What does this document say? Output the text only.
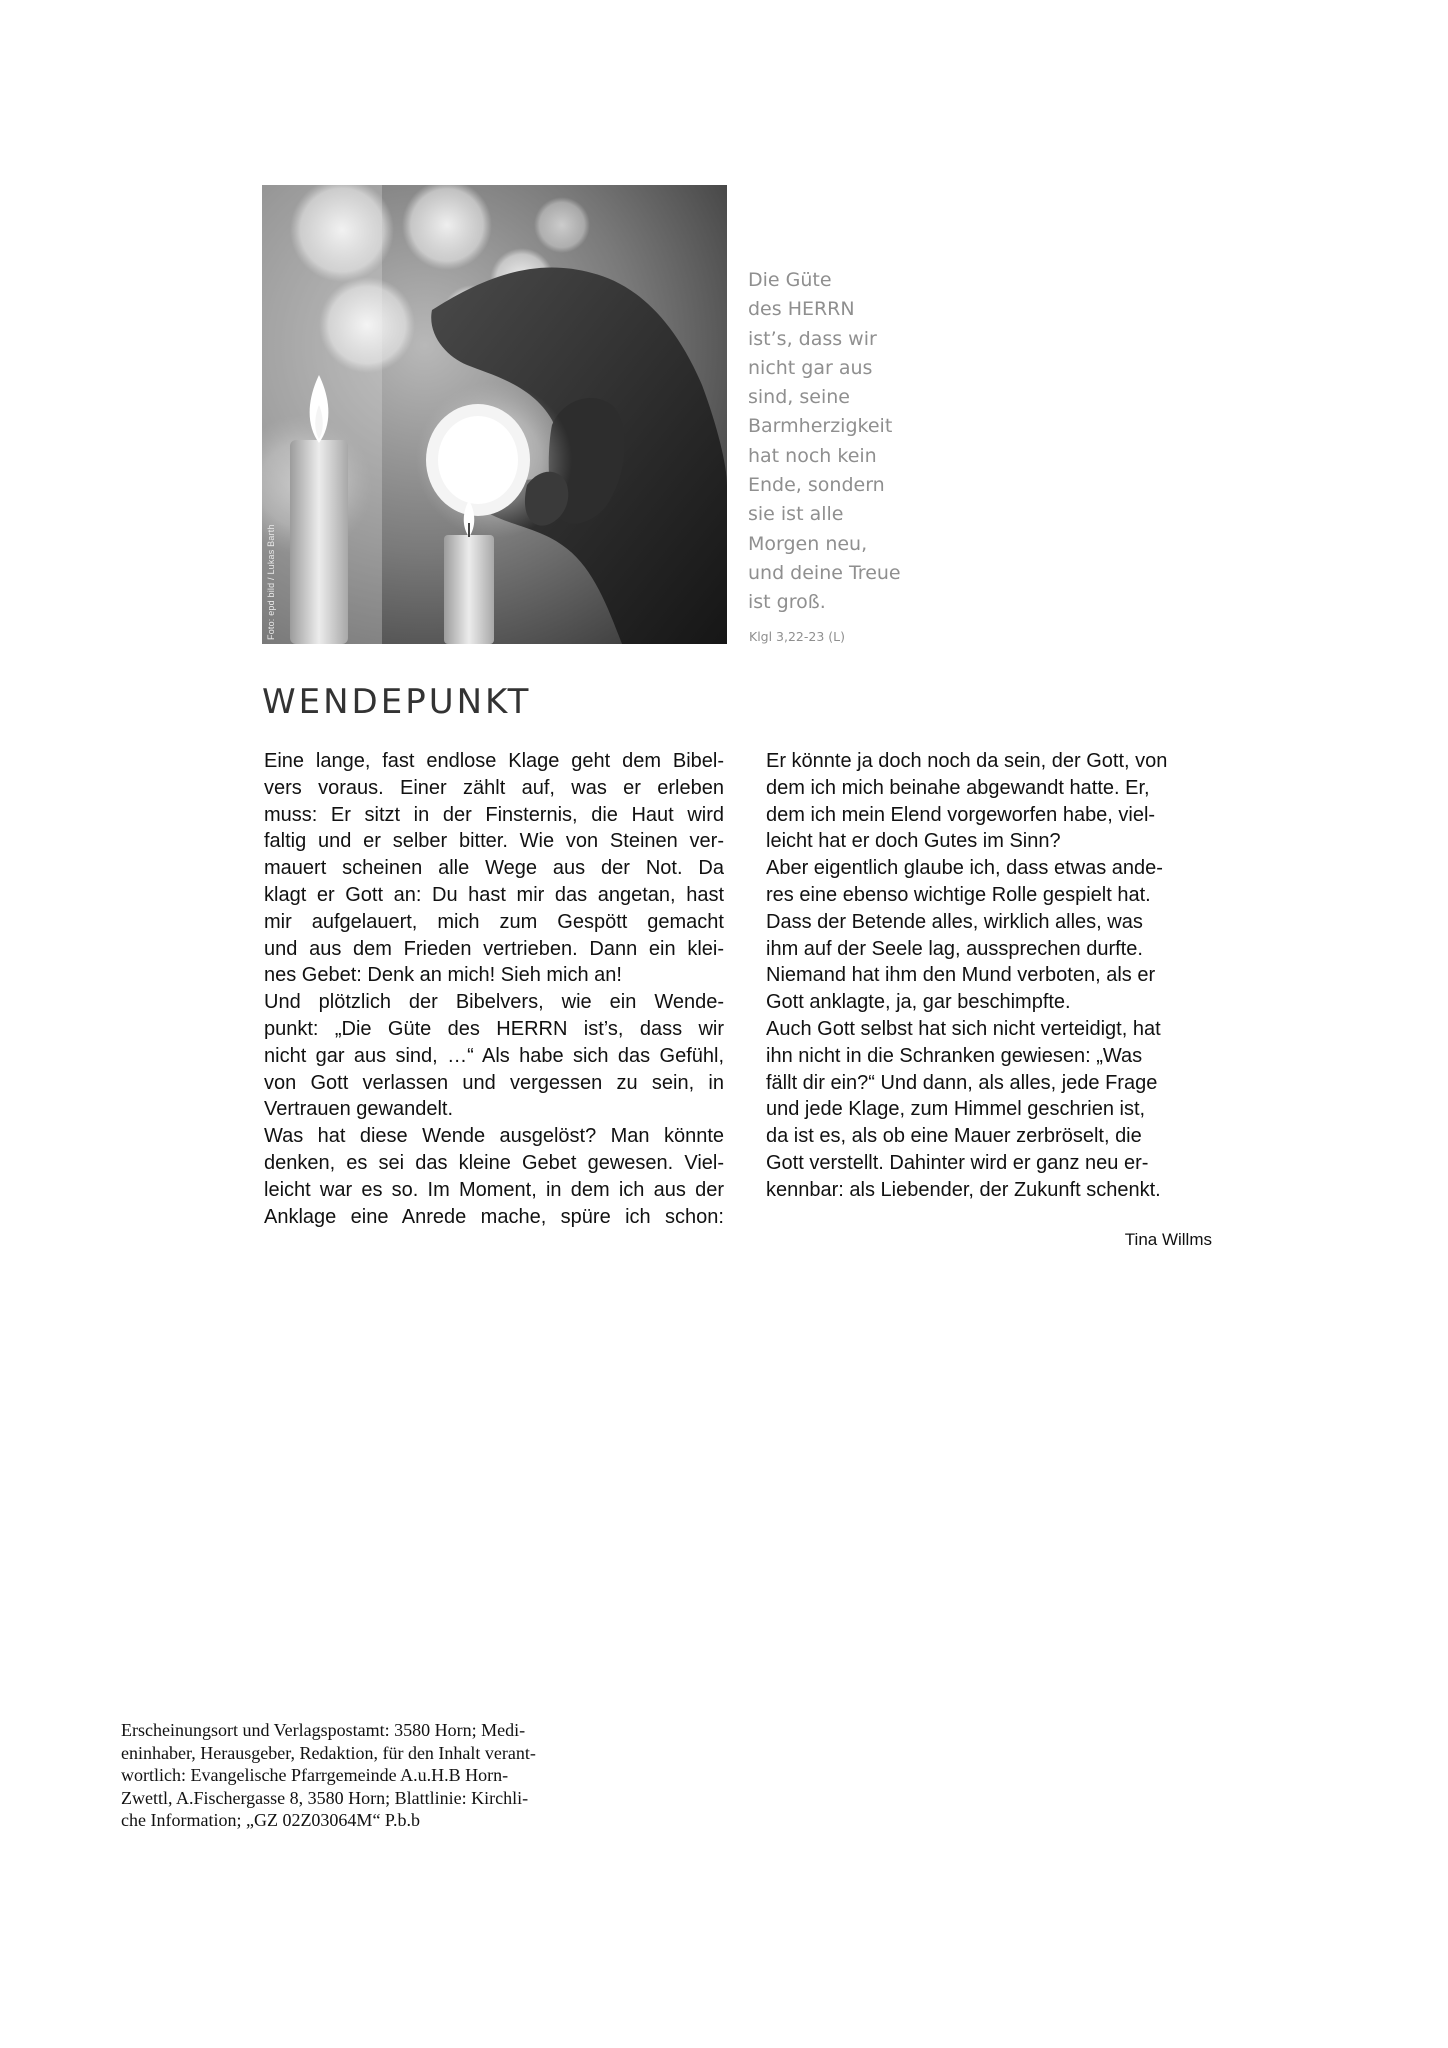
Foto: epd bild / Lukas Barth
Die Güte
des HERRN
ist’s, dass wir
nicht gar aus
sind, seine
Barmherzigkeit
hat noch kein
Ende, sondern
sie ist alle
Morgen neu,
und deine Treue
ist groß.
Klgl 3,22-23 (L)
WENDEPUNKT
Eine lange, fast endlose Klage geht dem Bibel-
vers voraus. Einer zählt auf, was er erleben
muss: Er sitzt in der Finsternis, die Haut wird
faltig und er selber bitter. Wie von Steinen ver-
mauert scheinen alle Wege aus der Not. Da
klagt er Gott an: Du hast mir das angetan, hast
mir aufgelauert, mich zum Gespött gemacht
und aus dem Frieden vertrieben. Dann ein klei-
nes Gebet: Denk an mich! Sieh mich an!
Und plötzlich der Bibelvers, wie ein Wende-
punkt: „Die Güte des HERRN ist’s, dass wir
nicht gar aus sind, …“ Als habe sich das Gefühl,
von Gott verlassen und vergessen zu sein, in
Vertrauen gewandelt.
Was hat diese Wende ausgelöst? Man könnte
denken, es sei das kleine Gebet gewesen. Viel-
leicht war es so. Im Moment, in dem ich aus der
Anklage eine Anrede mache, spüre ich schon:
Er könnte ja doch noch da sein, der Gott, von
dem ich mich beinahe abgewandt hatte. Er,
dem ich mein Elend vorgeworfen habe, viel-
leicht hat er doch Gutes im Sinn?
Aber eigentlich glaube ich, dass etwas ande-
res eine ebenso wichtige Rolle gespielt hat.
Dass der Betende alles, wirklich alles, was
ihm auf der Seele lag, aussprechen durfte.
Niemand hat ihm den Mund verboten, als er
Gott anklagte, ja, gar beschimpfte.
Auch Gott selbst hat sich nicht verteidigt, hat
ihn nicht in die Schranken gewiesen: „Was
fällt dir ein?“ Und dann, als alles, jede Frage
und jede Klage, zum Himmel geschrien ist,
da ist es, als ob eine Mauer zerbröselt, die
Gott verstellt. Dahinter wird er ganz neu er-
kennbar: als Liebender, der Zukunft schenkt.
Tina Willms
Erscheinungsort und Verlagspostamt: 3580 Horn; Medi-
eninhaber, Herausgeber, Redaktion, für den Inhalt verant-
wortlich: Evangelische Pfarrgemeinde A.u.H.B Horn-
Zwettl, A.Fischergasse 8, 3580 Horn; Blattlinie: Kirchli-
che Information; „GZ 02Z03064M“ P.b.b
